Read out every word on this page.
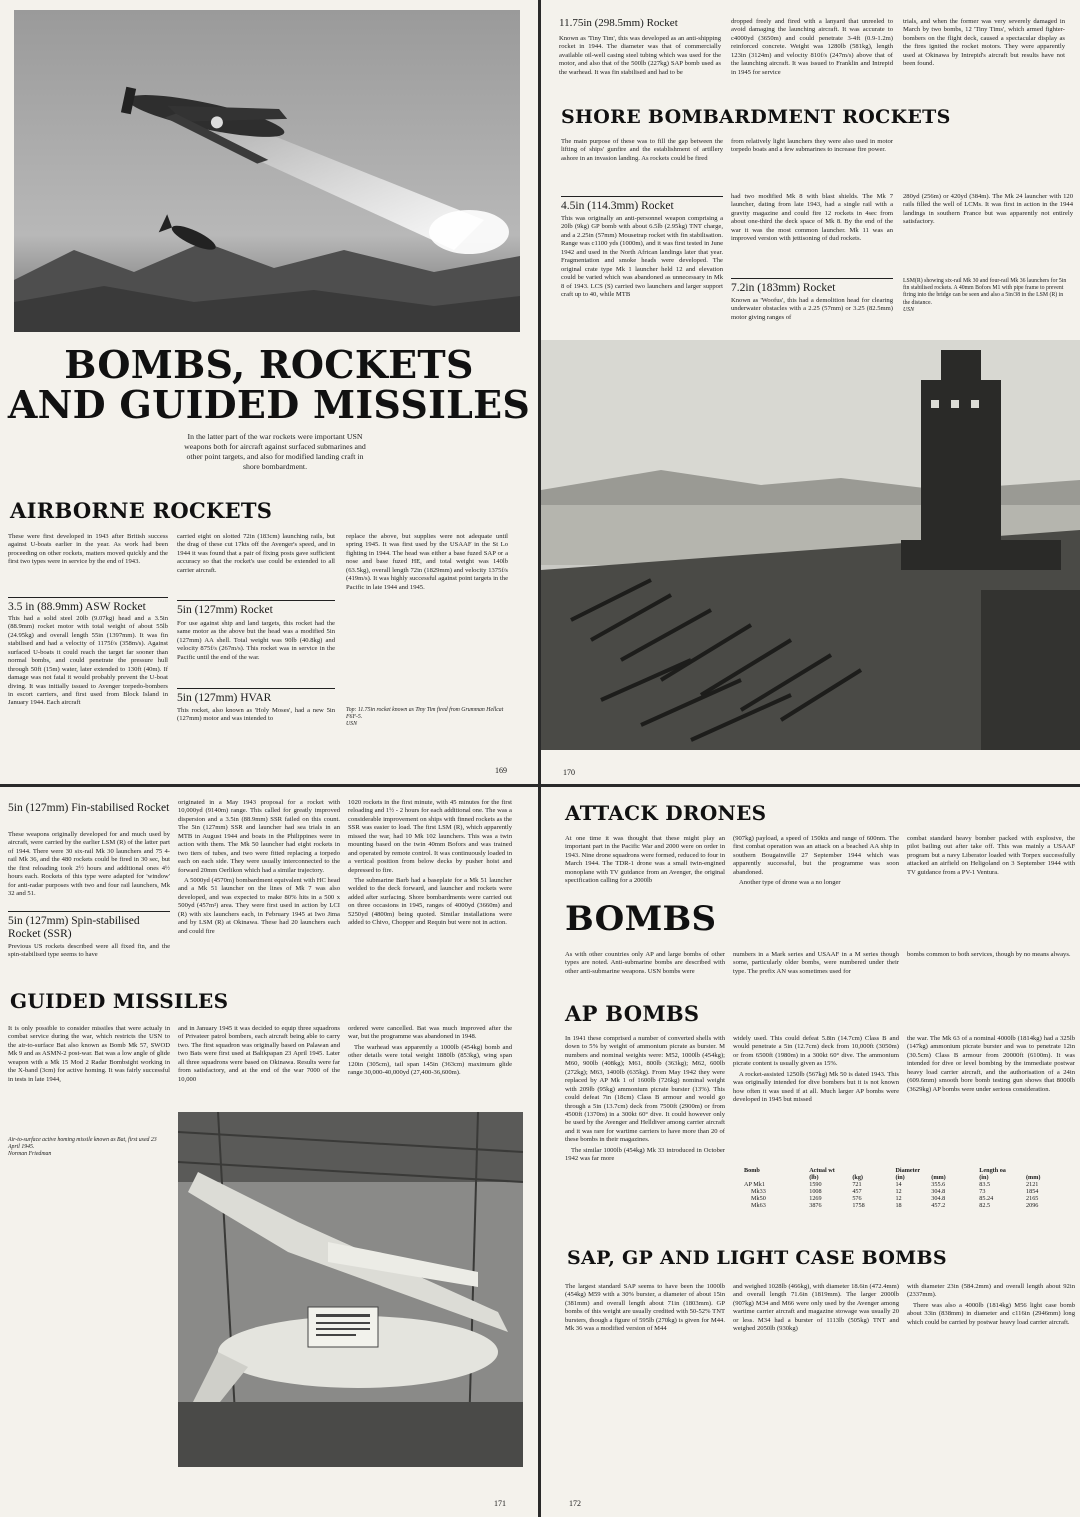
BOMBS, ROCKETS
AND GUIDED MISSILES

In the latter part of the war rockets were important USN weapons both for aircraft against surfaced submarines and other point targets, and also for modified landing craft in shore bombardment.

AIRBORNE ROCKETS

These were first developed in 1943 after British success against U-boats earlier in the year. As work had been proceeding on other rockets, matters moved quickly and the first two types were in service by the end of 1943.

3.5 in (88.9mm) ASW Rocket

This had a solid steel 20lb (9.07kg) head and a 3.5in (88.9mm) rocket motor with total weight of about 55lb (24.95kg) and overall length 55in (1397mm). It was fin stabilised and had a velocity of 1175f/s (358m/s). Against surfaced U-boats it could reach the target far sooner than normal bombs, and could penetrate the pressure hull through 50ft (15m) water, later extended to 130ft (40m). If damage was not fatal it would probably prevent the U-boat diving. It was initially issued to Avenger torpedo-bombers in escort carriers, and first used from Block Island in January 1944. Each aircraft

carried eight on slotted 72in (183cm) launching rails, but the drag of these cut 17kts off the Avenger's speed, and in 1944 it was found that a pair of fixing posts gave sufficient accuracy so that the rocket's use could be extended to all carrier aircraft.

5in (127mm) Rocket

For use against ship and land targets, this rocket had the same motor as the above but the head was a modified 5in (127mm) AA shell. Total weight was 90lb (40.8kg) and velocity 875f/s (267m/s). This rocket was in service in the Pacific until the end of the war.

5in (127mm) HVAR

This rocket, also known as 'Holy Moses', had a new 5in (127mm) motor and was intended to

replace the above, but supplies were not adequate until spring 1945. It was first used by the USAAF in the St Lo fighting in 1944. The head was either a base fuzed SAP or a nose and base fuzed HE, and total weight was 140lb (63.5kg), overall length 72in (1829mm) and velocity 1375f/s (419m/s). It was highly successful against point targets in the Pacific in late 1944 and 1945.

Top: 11.75in rocket known as Tiny Tim fired from Grumman Hellcat F6F-5.
USN
169
11.75in (298.5mm) Rocket

Known as 'Tiny Tim', this was developed as an anti-shipping rocket in 1944. The diameter was that of commercially available oil-well casing steel tubing which was used for the motor, and also that of the 500lb (227kg) SAP bomb used as the warhead. It was fin stabilised and had to be

dropped freely and fired with a lanyard that unreeled to avoid damaging the launching aircraft. It was accurate to c4000yd (3650m) and could penetrate 3-4ft (0.9-1.2m) reinforced concrete. Weight was 1280lb (581kg), length 123in (3124m) and velocity 810f/s (247m/s) above that of the launching aircraft. It was issued to Franklin and Intrepid in 1945 for service

trials, and when the former was very severely damaged in March by two bombs, 12 'Tiny Tims', which armed fighter-bombers on the flight deck, caused a spectacular display as the fires ignited the rocket motors. They were apparently used at Okinawa by Intrepid's aircraft but results have not been found.

SHORE BOMBARDMENT ROCKETS

The main purpose of these was to fill the gap between the lifting of ships' gunfire and the establishment of artillery ashore in an invasion landing. As rockets could be fired

from relatively light launchers they were also used in motor torpedo boats and a few submarines to increase fire power.

4.5in (114.3mm) Rocket

This was originally an anti-personnel weapon comprising a 20lb (9kg) GP bomb with about 6.5lb (2.95kg) TNT charge, and a 2.25in (57mm) Mousetrap rocket with fin stabilisation. Range was c1100 yds (1000m), and it was first tested in June 1942 and used in the North African landings later that year. Fragmentation and smoke heads were developed. The original crate type Mk 1 launcher held 12 and elevation could be varied which was abandoned as unnecessary in Mk 8 of 1943. LCS (S) carried two launchers and larger support craft up to 40, while MTB

had two modified Mk 8 with blast shields. The Mk 7 launcher, dating from late 1943, had a single rail with a gravity magazine and could fire 12 rockets in 4sec from about one-third the deck space of Mk 8. By the end of the war it was the most common launcher. Mk 11 was an improved version with jettisoning of dud rockets.

7.2in (183mm) Rocket

Known as 'Woofus', this had a demolition head for clearing underwater obstacles with a 2.25 (57mm) or 3.25 (82.5mm) motor giving ranges of

280yd (256m) or 420yd (384m). The Mk 24 launcher with 120 rails filled the well of LCMs. It was first in action in the 1944 landings in southern France but was apparently not entirely satisfactory.

LSM(R) showing six-rail Mk 30 and four-rail Mk 36 launchers for 5in fin stabilised rockets. A 40mm Bofors M1 with pipe frame to prevent firing into the bridge can be seen and also a 5in/38 in the LSM (R) in the distance.
USN
170
5in (127mm) Fin-stabilised Rocket

These weapons originally developed for and much used by aircraft, were carried by the earlier LSM (R) of the latter part of 1944. There were 30 six-rail Mk 30 launchers and 75 4-rail Mk 36, and the 480 rockets could be fired in 30 sec, but the first reloading took 2½ hours and additional ones 4½ hours each. Rockets of this type were adapted for 'window' for anti-radar purposes with two and four rail launchers, Mk 32 and 51.

5in (127mm) Spin-stabilised Rocket (SSR)

Previous US rockets described were all fixed fin, and the spin-stabilised type seems to have

originated in a May 1943 proposal for a rocket with 10,000yd (9140m) range. This called for greatly improved dispersion and a 3.5in (88.9mm) SSR failed on this count. The 5in (127mm) SSR and launcher had sea trials in an MTB in August 1944 and boats in the Philippines were in action with them. The Mk 50 launcher had eight rockets in two tiers of tubes, and two were fitted replacing a torpedo each on each side. They were usually interconnected to the forward 20mm Oerlikon which had a similar trajectory.

A 5000yd (4570m) bombardment equivalent with HC head and a Mk 51 launcher on the lines of Mk 7 was also developed, and was expected to make 80% hits in a 500 x 500yd (457m²) area. They were first used in action by LCI (R) with six launchers each, in February 1945 at Iwo Jima and by LSM (R) at Okinawa. These had 20 launchers each and could fire

1020 rockets in the first minute, with 45 minutes for the first reloading and 1½ - 2 hours for each additional one. The was a considerable improvement on ships with finned rockets as the SSR was easier to load. The first LSM (R), which apparently missed the war, had 10 Mk 102 launchers. This was a twin mounting based on the twin 40mm Bofors and was trained and operated by remote control. It was continuously loaded in a vertical position from below decks by pusher hoist and depressed to fire.

The submarine Barb had a baseplate for a Mk 51 launcher welded to the deck forward, and launcher and rockets were added after surfacing. Shore bombardments were carried out on three occasions in 1945, ranges of 4000yd (3660m) and 5250yd (4800m) being quoted. Similar installations were added to Chivo, Chopper and Requin but were not in action.

GUIDED MISSILES

It is only possible to consider missiles that were actualy in combat service during the war, which restricts the USN to the air-to-surface Bat also known as Bomb Mk 57, SWOD Mk 9 and as ASMN-2 post-war. Bat was a low angle of glide weapon with a Mk 15 Mod 2 Radar Bombsight working in the X-band (3cm) for active homing. It was fairly successful in tests in late 1944,

and in January 1945 it was decided to equip three squadrons of Privateer patrol bombers, each aircraft being able to carry two. The first squadron was originally based on Palawan and two Bats were first used at Balikpapan 23 April 1945. Later all three squadrons were based on Okinawa. Results were far from satisfactory, and at the end of the war 7000 of the 10,000

ordered were cancelled. Bat was much improved after the war, but the programme was abandoned in 1948.

The warhead was apparently a 1000lb (454kg) bomb and other details were total weight 1880lb (853kg), wing span 120in (305cm), tail span 145in (363cm) maximum glide range 30,000-40,000yd (27,400-36,600m).

Air-to-surface active homing missile known as Bat, first used 23 April 1945.
Norman Friedman
171
ATTACK DRONES

At one time it was thought that these might play an important part in the Pacific War and 2000 were on order in 1943. Nine drone squadrons were formed, reduced to four in March 1944. The TDR-1 drone was a small twin-engined monoplane with TV guidance from an Avenger, the original specification calling for a 2000lb

(907kg) payload, a speed of 150kts and range of 600nm. The first combat operation was an attack on a beached AA ship in southern Bougainville 27 September 1944 which was apparently successful, but the programme was soon abandoned.

Another type of drone was a no longer

combat standard heavy bomber packed with explosive, the pilot bailing out after take off. This was mainly a USAAF program but a navy Liberator loaded with Torpex successfully attacked an airfield on Heligoland on 3 September 1944 with TV guidance from a PV-1 Ventura.

BOMBS

As with other countries only AP and large bombs of other types are noted. Anti-submarine bombs are described with other anti-submarine weapons. USN bombs were

numbers in a Mark series and USAAF in a M series though some, particularly older bombs, were numbered under their type. The prefix AN was sometimes used for

bombs common to both services, though by no means always.

AP BOMBS

In 1941 these comprised a number of converted shells with down to 5% by weight of ammonium picrate as burster. M numbers and nominal weights were: M52, 1000lb (454kg); M60, 900lb (408kg); M61, 800lb (363kg); M62, 600lb (272kg); M63, 1400lb (635kg). From May 1942 they were replaced by AP Mk 1 of 1600lb (726kg) nominal weight with 209lb (95kg) ammonium picrate burster (13%). This could defeat 7in (18cm) Class B armour and would go through a 5in (13.7cm) deck from 7500ft (2900m) or from 4500ft (1370m) in a 300kt 60° dive. It could however only be used by the Avenger and Helldiver among carrier aircraft and it was rare for wartime carriers to have more than 20 of these bombs in their magazines.

The similar 1000lb (454kg) Mk 33 introduced in October 1942 was far more

widely used. This could defeat 5.8in (14.7cm) Class B and would penetrate a 5in (12.7cm) deck from 10,000ft (3050m) or from 6500ft (1980m) in a 300kt 60° dive. The ammonium picrate content is usually given as 15%.

A rocket-assisted 1250lb (567kg) Mk 50 is dated 1943. This was originally intended for dive bombers but it is not known how often it was used if at all. Much larger AP bombs were developed in 1945 but missed

the war. The Mk 63 of a nominal 4000lb (1814kg) had a 325lb (147kg) ammonium picrate burster and was to penetrate 12in (30.5cm) Class B armour from 20000ft (6100m). It was intended for dive or level bombing by the immediate postwar heavy load carrier aircraft, and the authorisation of a 24in (609.6mm) smooth bore bomb testing gun shows that 8000lb (3629kg) AP bombs were under serious consideration.

Bomb	Actual wt		Diameter		Length oa	
	(lb)	(kg)	(in)	(mm)	(in)	(mm)
AP Mk1	1590	721	14	355.6	83.5	2121
Mk33	1008	457	12	304.8	73	1854
Mk50	1269	576	12	304.8	85.24	2165
Mk63	3876	1758	18	457.2	82.5	2096
SAP, GP AND LIGHT CASE BOMBS

The largest standard SAP seems to have been the 1000lb (454kg) M59 with a 30% burster, a diameter of about 15in (381mm) and overall length about 71in (1803mm). GP bombs of this weight are usually credited with 50-52% TNT bursters, though a figure of 595lb (270kg) is given for M44. Mk 36 was a modified version of M44

and weighed 1028lb (466kg), with diameter 18.6in (472.4mm) and overall length 71.6in (1819mm). The larger 2000lb (907kg) M34 and M66 were only used by the Avenger among wartime carrier aircraft and magazine stowage was usually 20 or less. M34 had a burster of 1113lb (505kg) TNT and weighed 2050lb (930kg)

with diameter 23in (584.2mm) and overall length about 92in (2337mm).

There was also a 4000lb (1814kg) M56 light case bomb about 33in (838mm) in diameter and c116in (2946mm) long which could be carried by postwar heavy load carrier aircraft.

172
